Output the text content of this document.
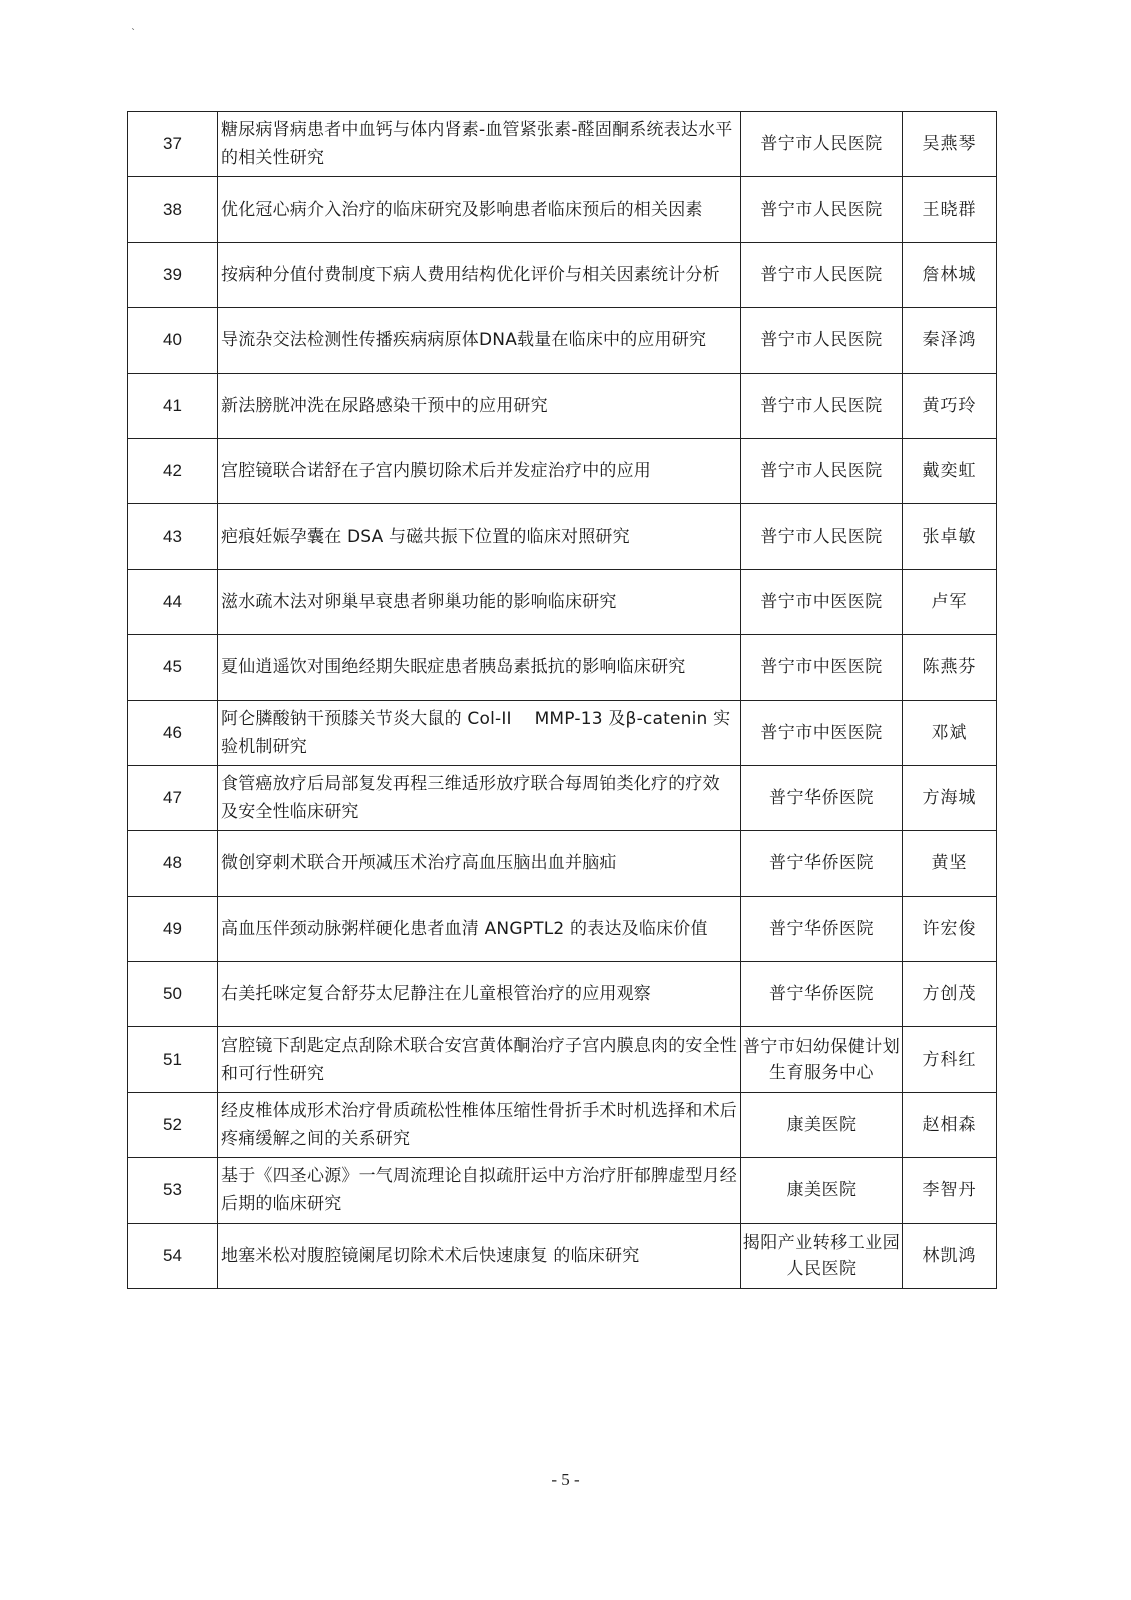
`
37	糖尿病肾病患者中血钙与体内肾素-血管紧张素-醛固酮系统表达水平的相关性研究	普宁市人民医院	吴燕琴
38	优化冠心病介入治疗的临床研究及影响患者临床预后的相关因素	普宁市人民医院	王晓群
39	按病种分值付费制度下病人费用结构优化评价与相关因素统计分析	普宁市人民医院	詹林城
40	导流杂交法检测性传播疾病病原体DNA载量在临床中的应用研究	普宁市人民医院	秦泽鸿
41	新法膀胱冲洗在尿路感染干预中的应用研究	普宁市人民医院	黄巧玲
42	宫腔镜联合诺舒在子宫内膜切除术后并发症治疗中的应用	普宁市人民医院	戴奕虹
43	疤痕妊娠孕囊在 DSA 与磁共振下位置的临床对照研究	普宁市人民医院	张卓敏
44	滋水疏木法对卵巢早衰患者卵巢功能的影响临床研究	普宁市中医医院	卢军
45	夏仙逍遥饮对围绝经期失眠症患者胰岛素抵抗的影响临床研究	普宁市中医医院	陈燕芬
46	阿仑膦酸钠干预膝关节炎大鼠的 Col-II　 MMP-13 及β-catenin 实验机制研究	普宁市中医医院	邓斌
47	食管癌放疗后局部复发再程三维适形放疗联合每周铂类化疗的疗效 及安全性临床研究	普宁华侨医院	方海城
48	微创穿刺术联合开颅减压术治疗高血压脑出血并脑疝	普宁华侨医院	黄坚
49	高血压伴颈动脉粥样硬化患者血清 ANGPTL2 的表达及临床价值	普宁华侨医院	许宏俊
50	右美托咪定复合舒芬太尼静注在儿童根管治疗的应用观察	普宁华侨医院	方创茂
51	宫腔镜下刮匙定点刮除术联合安宫黄体酮治疗子宫内膜息肉的安全性和可行性研究	普宁市妇幼保健计划生育服务中心	方科红
52	经皮椎体成形术治疗骨质疏松性椎体压缩性骨折手术时机选择和术后疼痛缓解之间的关系研究	康美医院	赵相森
53	基于《四圣心源》一气周流理论自拟疏肝运中方治疗肝郁脾虚型月经后期的临床研究	康美医院	李智丹
54	地塞米松对腹腔镜阑尾切除术术后快速康复 的临床研究	揭阳产业转移工业园人民医院	林凯鸿
- 5 -
